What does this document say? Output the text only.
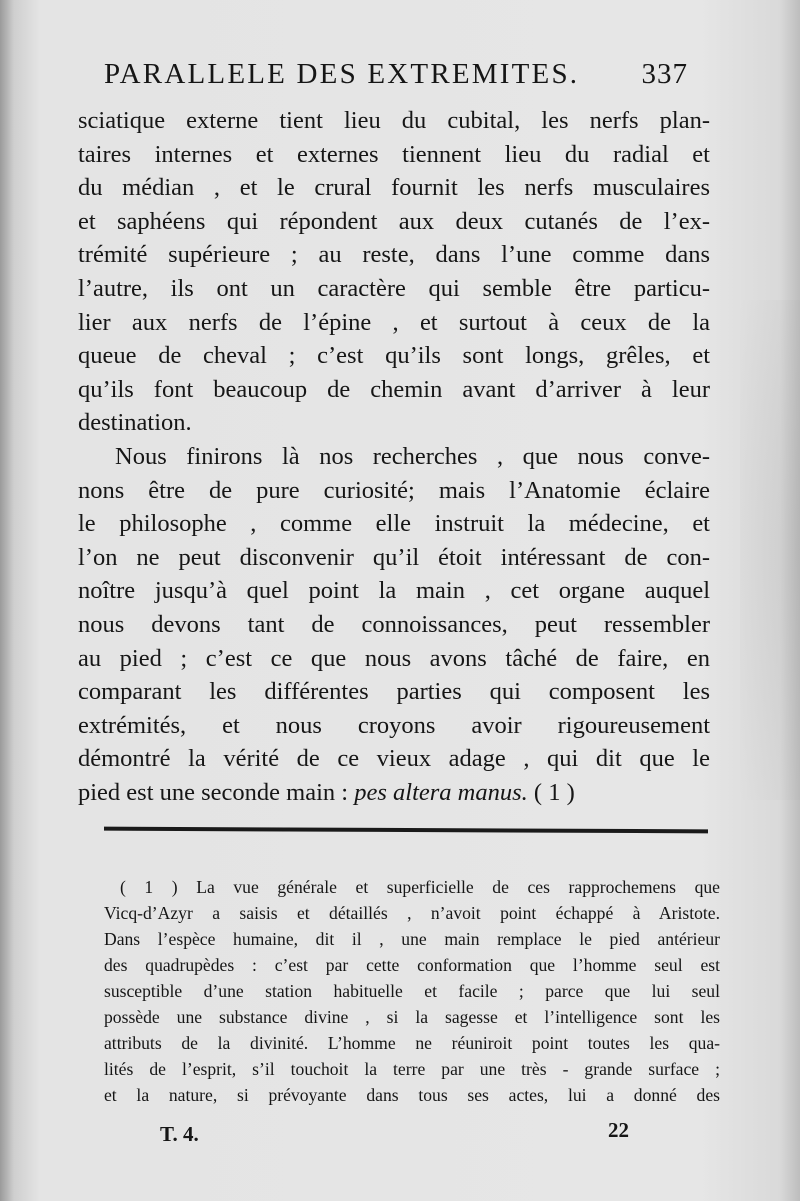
PARALLELE DES EXTREMITES. 337
sciatique externe tient lieu du cubital, les nerfs plan-
taires internes et externes tiennent lieu du radial et
du médian , et le crural fournit les nerfs musculaires
et saphéens qui répondent aux deux cutanés de l’ex-
trémité supérieure ; au reste, dans l’une comme dans
l’autre, ils ont un caractère qui semble être particu-
lier aux nerfs de l’épine , et surtout à ceux de la
queue de cheval ; c’est qu’ils sont longs, grêles, et
qu’ils font beaucoup de chemin avant d’arriver à leur
destination.
Nous finirons là nos recherches , que nous conve-
nons être de pure curiosité; mais l’Anatomie éclaire
le philosophe , comme elle instruit la médecine, et
l’on ne peut disconvenir qu’il étoit intéressant de con-
noître jusqu’à quel point la main , cet organe auquel
nous devons tant de connoissances, peut ressembler
au pied ; c’est ce que nous avons tâché de faire, en
comparant les différentes parties qui composent les
extrémités, et nous croyons avoir rigoureusement
démontré la vérité de ce vieux adage , qui dit que le
pied est une seconde main : pes altera manus. ( 1 )
( 1 ) La vue générale et superficielle de ces rapprochemens que
Vicq-d’Azyr a saisis et détaillés , n’avoit point échappé à Aristote.
Dans l’espèce humaine, dit il , une main remplace le pied antérieur
des quadrupèdes : c’est par cette conformation que l’homme seul est
susceptible d’une station habituelle et facile ; parce que lui seul
possède une substance divine , si la sagesse et l’intelligence sont les
attributs de la divinité. L’homme ne réuniroit point toutes les qua-
lités de l’esprit, s’il touchoit la terre par une très - grande surface ;
et la nature, si prévoyante dans tous ses actes, lui a donné des
T. 4.	22
